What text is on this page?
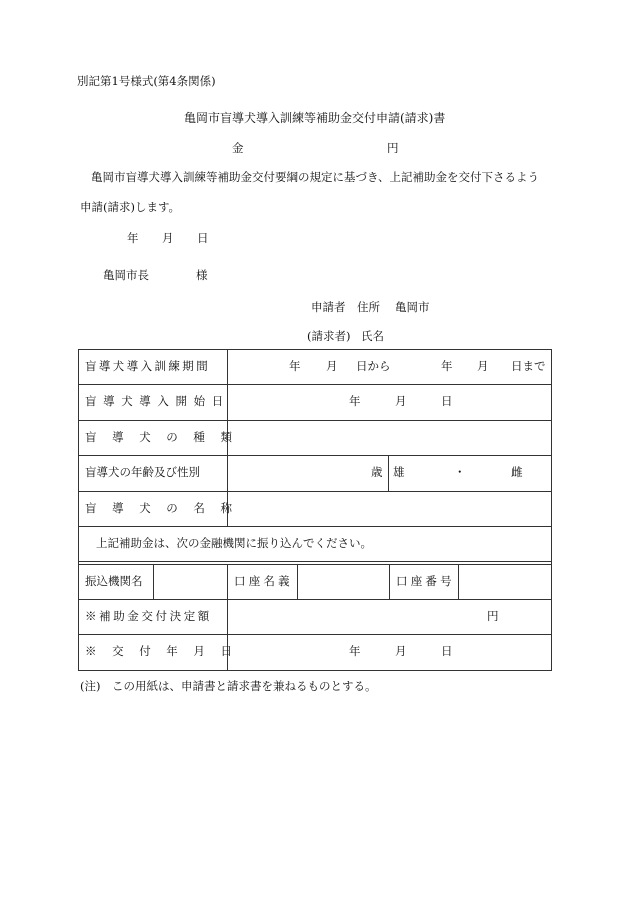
別記第1号様式(第4条関係)
亀岡市盲導犬導入訓練等補助金交付申請(請求)書
金	円
亀岡市盲導犬導入訓練等補助金交付要綱の規定に基づき、上記補助金を交付下さるよう
申請(請求)します。
年 月 日
亀岡市長	様
申請者 住所 亀岡市
(請求者) 氏名
盲導犬導入訓練期間	年 月 日から	年 月 日まで
盲導犬導入開始日	年	月	日
盲導犬の種類
盲導犬の年齢及び性別	歳 雄	・	雌
盲導犬の名称
上記補助金は、次の金融機関に振り込んでください。
振込機関名	口座名義	口座番号
※補助金交付決定額	円
※交付年月日	年	月	日
(注)　この用紙は、申請書と請求書を兼ねるものとする。
